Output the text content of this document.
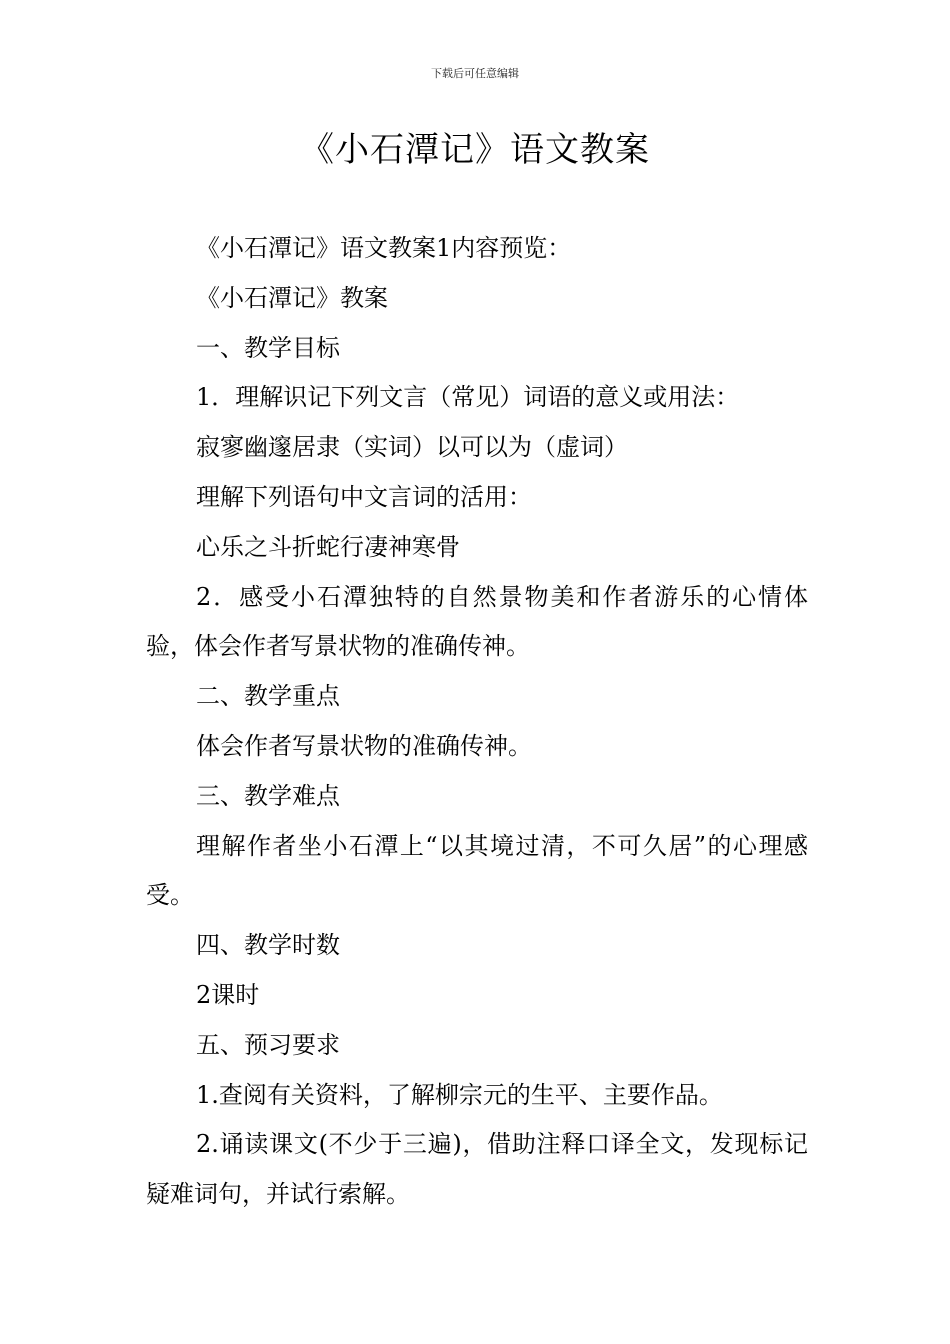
下载后可任意编辑
《小石潭记》语文教案

《小石潭记》语文教案1内容预览：

《小石潭记》教案

一、教学目标

1．理解识记下列文言（常见）词语的意义或用法：

寂寥幽邃居隶（实词）以可以为（虚词）

理解下列语句中文言词的活用：

心乐之斗折蛇行凄神寒骨

2．感受小石潭独特的自然景物美和作者游乐的心情体验，体会作者写景状物的准确传神。

二、教学重点

体会作者写景状物的准确传神。

三、教学难点

理解作者坐小石潭上“以其境过清，不可久居”的心理感受。

四、教学时数

2课时

五、预习要求

1.查阅有关资料，了解柳宗元的生平、主要作品。

2.诵读课文(不少于三遍)，借助注释口译全文，发现标记疑难词句，并试行索解。
